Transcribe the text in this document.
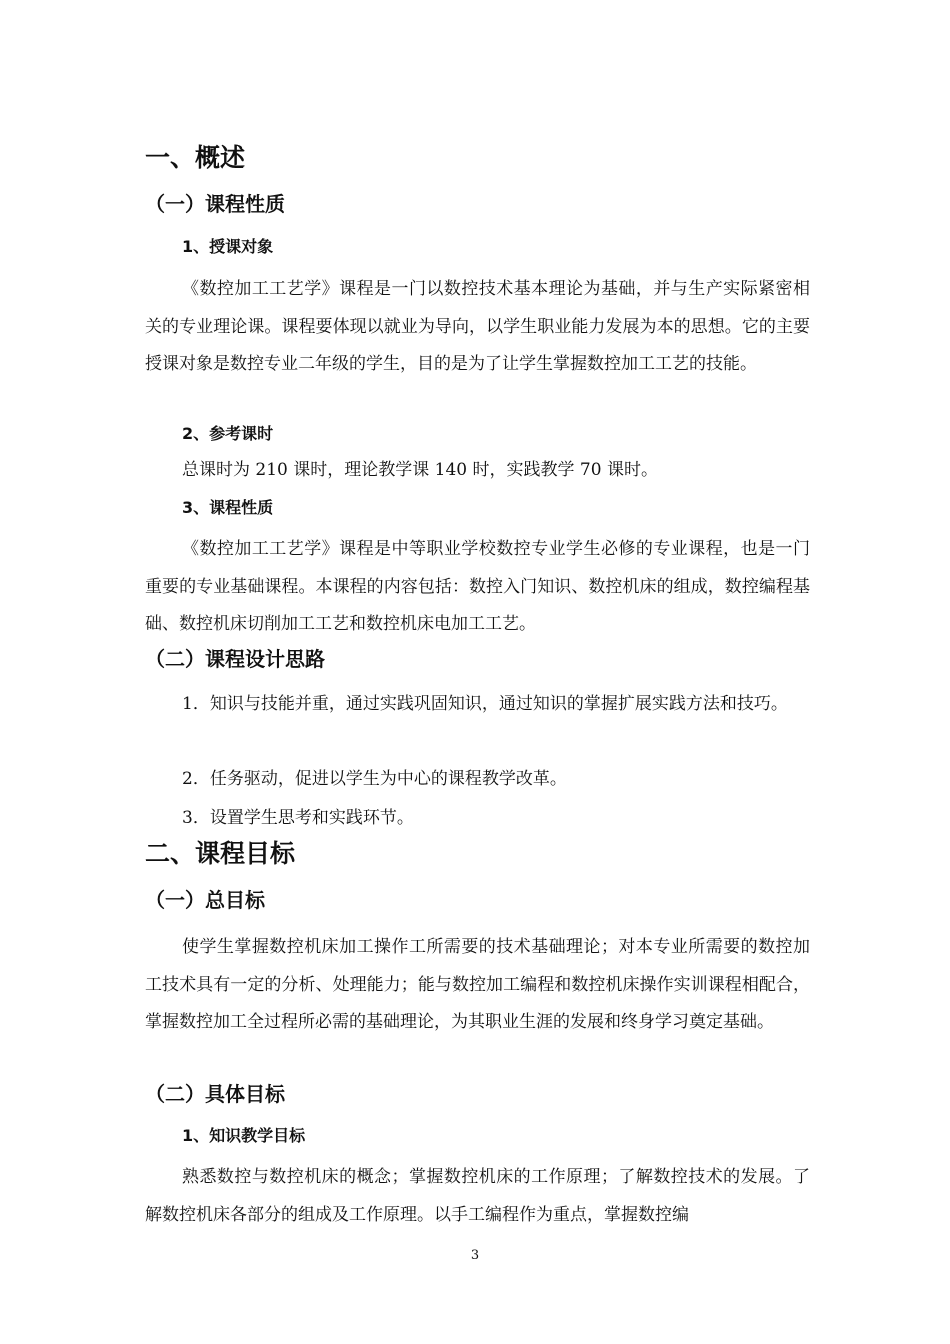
一、概述
（一）课程性质
1、授课对象

《数控加工工艺学》课程是一门以数控技术基本理论为基础，并与生产实际紧密相关的专业理论课。课程要体现以就业为导向，以学生职业能力发展为本的思想。它的主要授课对象是数控专业二年级的学生，目的是为了让学生掌握数控加工工艺的技能。

2、参考课时

总课时为 210 课时，理论教学课 140 时，实践教学 70 课时。

3、课程性质

《数控加工工艺学》课程是中等职业学校数控专业学生必修的专业课程，也是一门重要的专业基础课程。本课程的内容包括：数控入门知识、数控机床的组成，数控编程基础、数控机床切削加工工艺和数控机床电加工工艺。

（二）课程设计思路

1．知识与技能并重，通过实践巩固知识，通过知识的掌握扩展实践方法和技巧。

2．任务驱动，促进以学生为中心的课程教学改革。

3．设置学生思考和实践环节。

二、课程目标
（一）总目标

使学生掌握数控机床加工操作工所需要的技术基础理论；对本专业所需要的数控加工技术具有一定的分析、处理能力；能与数控加工编程和数控机床操作实训课程相配合，掌握数控加工全过程所必需的基础理论，为其职业生涯的发展和终身学习奠定基础。

（二）具体目标
1、知识教学目标

熟悉数控与数控机床的概念；掌握数控机床的工作原理；了解数控技术的发展。了解数控机床各部分的组成及工作原理。以手工编程作为重点，掌握数控编

3
